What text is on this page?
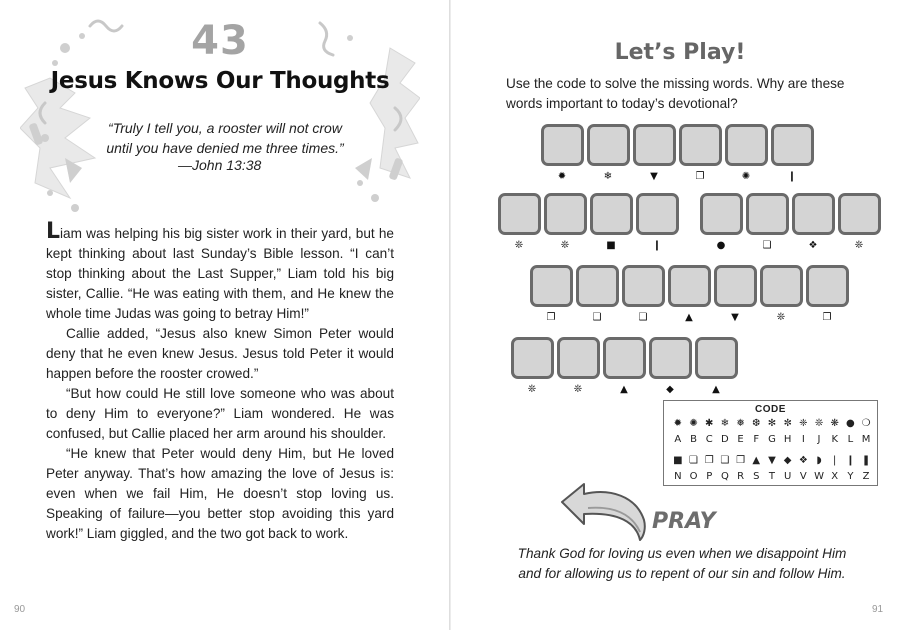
43
Jesus Knows Our Thoughts
“Truly I tell you, a rooster will not crow
until you have denied me three times.”
—John 13:38

Liam was helping his big sister work in their yard, but he kept thinking about last Sunday’s Bible lesson. “I can’t stop thinking about the Last Supper,” Liam told his big sister, Callie. “He was eating with them, and He knew the whole time Judas was going to betray Him!”

Callie added, “Jesus also knew Simon Peter would deny that he even knew Jesus. Jesus told Peter it would happen before the rooster crowed.”

“But how could He still love someone who was about to deny Him to everyone?” Liam wondered. He was confused, but Callie placed her arm around his shoulder.

“He knew that Peter would deny Him, but He loved Peter anyway. That’s how amazing the love of Jesus is: even when we fail Him, He doesn’t stop loving us. Speaking of failure—you better stop avoiding this yard work!” Liam giggled, and the two got back to work.

90
Let’s Play!
Use the code to solve the missing words. Why are these words important to today’s devotional?
91
✹	❄	▼	❐	✺	❙
❊	❊	■	❙	●	❑	❖	❊
❐	❑	❑	▲	▼	❊	❐
❊	❊	▲	◆	▲
CODE
✹ ✺ ✱ ❄ ❅ ❆ ✻ ✼ ❈ ❊ ❋ ● ❍
A B C D E F G H	I	J	K L M
■ ❏ ❐ ❑ ❒ ▲ ▼ ◆ ❖ ◗ ❘ ❙ ❚
N O P Q R S T U V W X Y Z
PRAY
Thank God for loving us even when we disappoint Him
and for allowing us to repent of our sin and follow Him.
